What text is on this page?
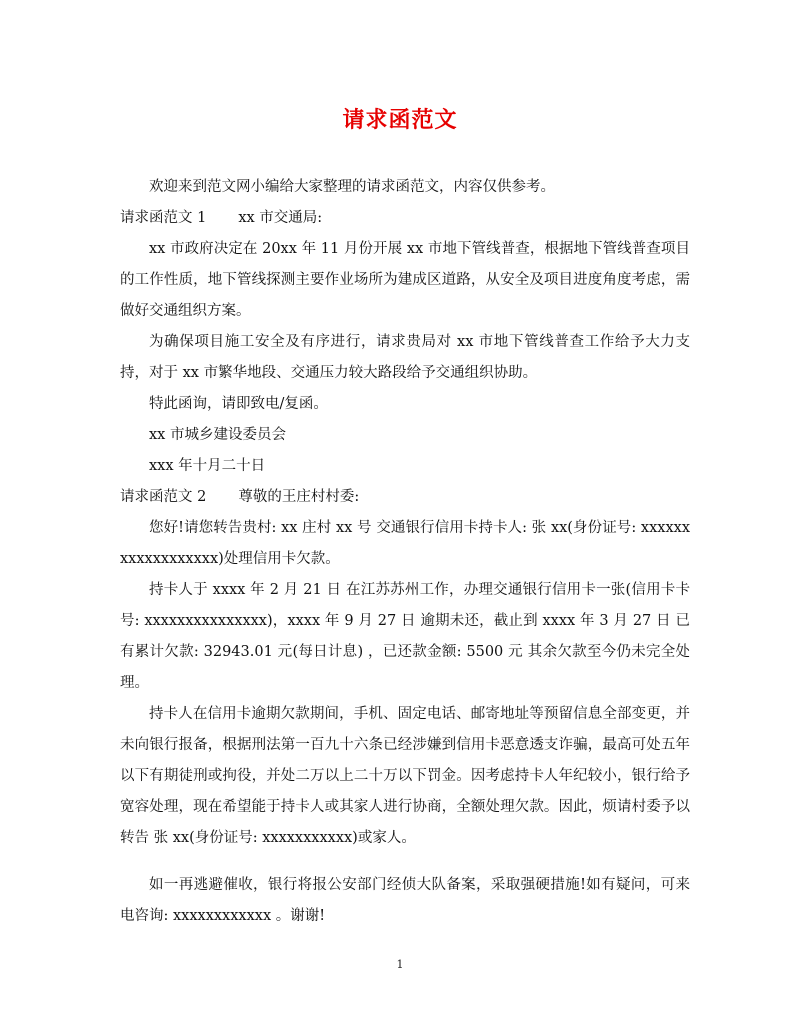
请求函范文

欢迎来到范文网小编给大家整理的请求函范文，内容仅供参考。

请求函范文 1 xx 市交通局:

xx 市政府决定在 20xx 年 11 月份开展 xx 市地下管线普查，根据地下管线普查项目的工作性质，地下管线探测主要作业场所为建成区道路，从安全及项目进度角度考虑，需做好交通组织方案。

为确保项目施工安全及有序进行，请求贵局对 xx 市地下管线普查工作给予大力支持，对于 xx 市繁华地段、交通压力较大路段给予交通组织协助。

特此函询，请即致电/复函。

xx 市城乡建设委员会

xxx 年十月二十日

请求函范文 2 尊敬的王庄村村委:

您好!请您转告贵村: xx 庄村 xx 号 交通银行信用卡持卡人: 张 xx(身份证号: xxxxxxxxxxxxxxxxxx)处理信用卡欠款。

持卡人于 xxxx 年 2 月 21 日 在江苏苏州工作，办理交通银行信用卡一张(信用卡卡号: xxxxxxxxxxxxxxx)，xxxx 年 9 月 27 日 逾期未还，截止到 xxxx 年 3 月 27 日 已有累计欠款: 32943.01 元(每日计息) ，已还款金额: 5500 元 其余欠款至今仍未完全处理。

持卡人在信用卡逾期欠款期间，手机、固定电话、邮寄地址等预留信息全部变更，并未向银行报备，根据刑法第一百九十六条已经涉嫌到信用卡恶意透支诈骗，最高可处五年以下有期徒刑或拘役，并处二万以上二十万以下罚金。因考虑持卡人年纪较小，银行给予宽容处理，现在希望能于持卡人或其家人进行协商，全额处理欠款。因此，烦请村委予以转告 张 xx(身份证号: xxxxxxxxxxx)或家人。

如一再逃避催收，银行将报公安部门经侦大队备案，采取强硬措施!如有疑问，可来电咨询: xxxxxxxxxxxx 。谢谢!

1
